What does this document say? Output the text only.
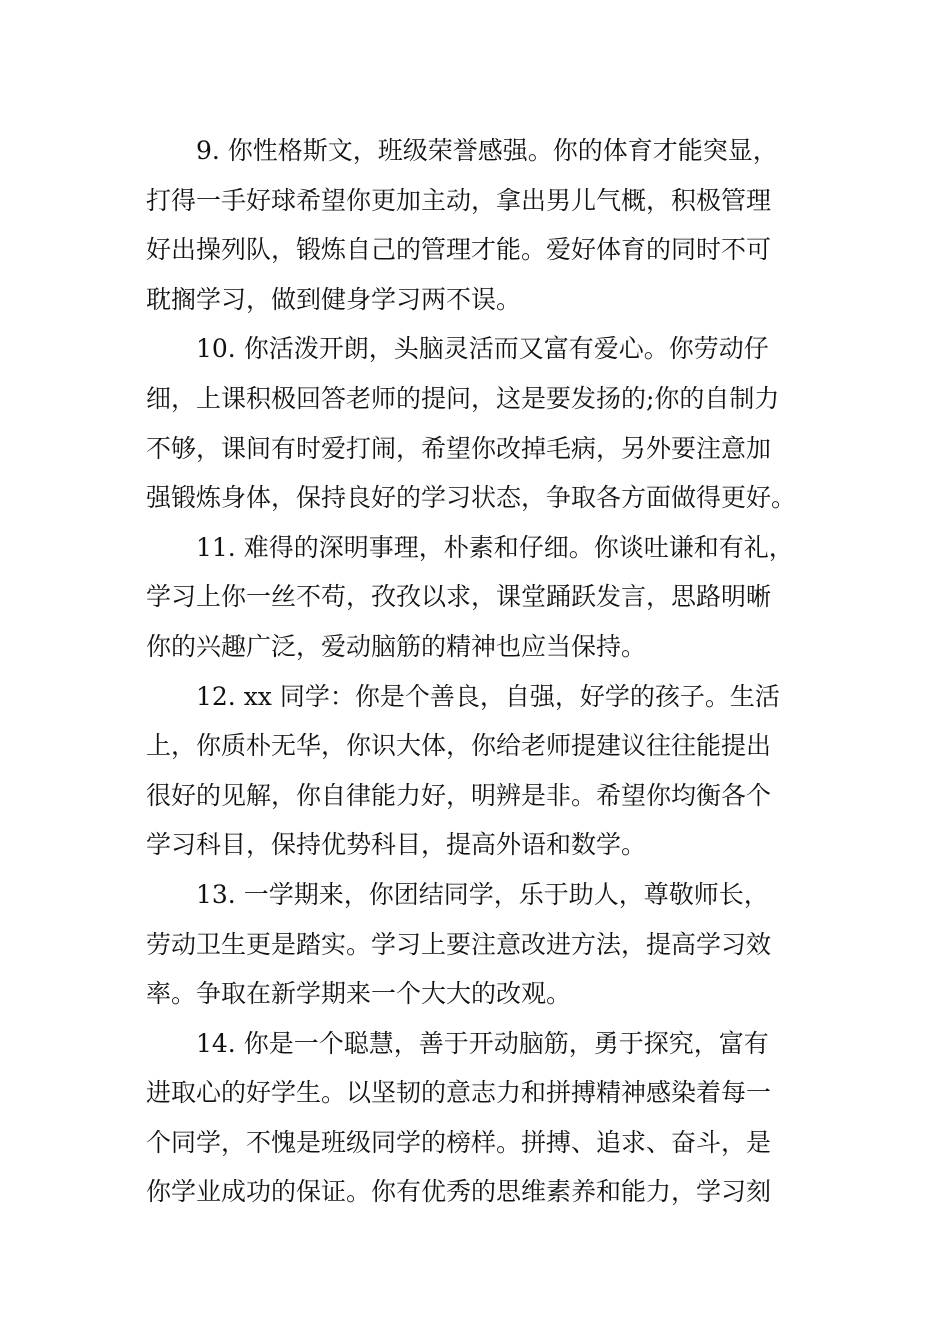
9. 你性格斯文，班级荣誉感强。你的体育才能突显，
打得一手好球希望你更加主动，拿出男儿气概，积极管理
好出操列队，锻炼自己的管理才能。爱好体育的同时不可
耽搁学习，做到健身学习两不误。

10. 你活泼开朗，头脑灵活而又富有爱心。你劳动仔
细，上课积极回答老师的提问，这是要发扬的;你的自制力
不够，课间有时爱打闹，希望你改掉毛病，另外要注意加
强锻炼身体，保持良好的学习状态，争取各方面做得更好。

11. 难得的深明事理，朴素和仔细。你谈吐谦和有礼，
学习上你一丝不苟，孜孜以求，课堂踊跃发言，思路明晰
你的兴趣广泛，爱动脑筋的精神也应当保持。

12. xx 同学：你是个善良，自强，好学的孩子。生活
上，你质朴无华，你识大体，你给老师提建议往往能提出
很好的见解，你自律能力好，明辨是非。希望你均衡各个
学习科目，保持优势科目，提高外语和数学。

13. 一学期来，你团结同学，乐于助人，尊敬师长，
劳动卫生更是踏实。学习上要注意改进方法，提高学习效
率。争取在新学期来一个大大的改观。

14. 你是一个聪慧，善于开动脑筋，勇于探究，富有
进取心的好学生。以坚韧的意志力和拼搏精神感染着每一
个同学，不愧是班级同学的榜样。拼搏、追求、奋斗，是
你学业成功的保证。你有优秀的思维素养和能力，学习刻
